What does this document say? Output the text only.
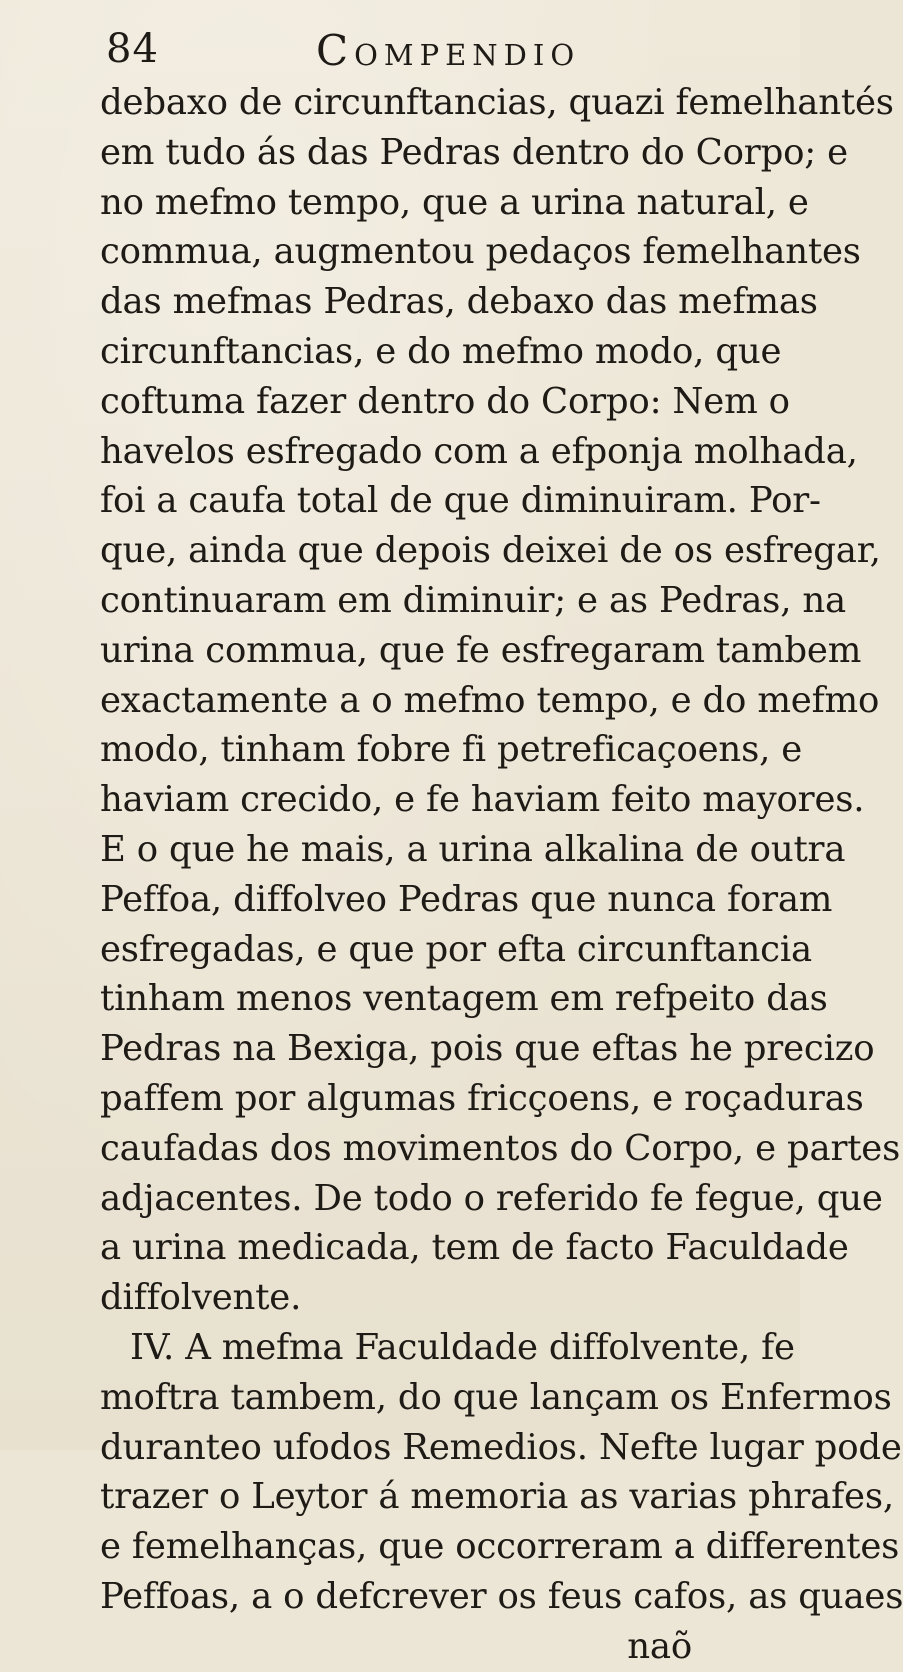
84	Compendio
debaxo de circunftancias, quazi femelhantés
em tudo ás das Pedras dentro do Corpo; e
no mefmo tempo, que a urina natural, e
commua, augmentou pedaços femelhantes
das mefmas Pedras, debaxo das mefmas
circunftancias, e do mefmo modo, que
coftuma fazer dentro do Corpo: Nem o
havelos esfregado com a efponja molhada,
foi a caufa total de que diminuiram. Por-
que, ainda que depois deixei de os esfregar,
continuaram em diminuir; e as Pedras, na
urina commua, que fe esfregaram tambem
exactamente a o mefmo tempo, e do mefmo
modo, tinham fobre fi petreficaçoens, e
haviam crecido, e fe haviam feito mayores.
E o que he mais, a urina alkalina de outra
Peffoa, diffolveo Pedras que nunca foram
esfregadas, e que por efta circunftancia
tinham menos ventagem em refpeito das
Pedras na Bexiga, pois que eftas he precizo
paffem por algumas fricçoens, e roçaduras
caufadas dos movimentos do Corpo, e partes
adjacentes. De todo o referido fe fegue, que
a urina medicada, tem de facto Faculdade
diffolvente.
IV. A mefma Faculdade diffolvente, fe
moftra tambem, do que lançam os Enfermos
duranteo ufodos Remedios. Nefte lugar pode
trazer o Leytor á memoria as varias phrafes,
e femelhanças, que occorreram a differentes
Peffoas, a o defcrever os feus cafos, as quaes
naõ
